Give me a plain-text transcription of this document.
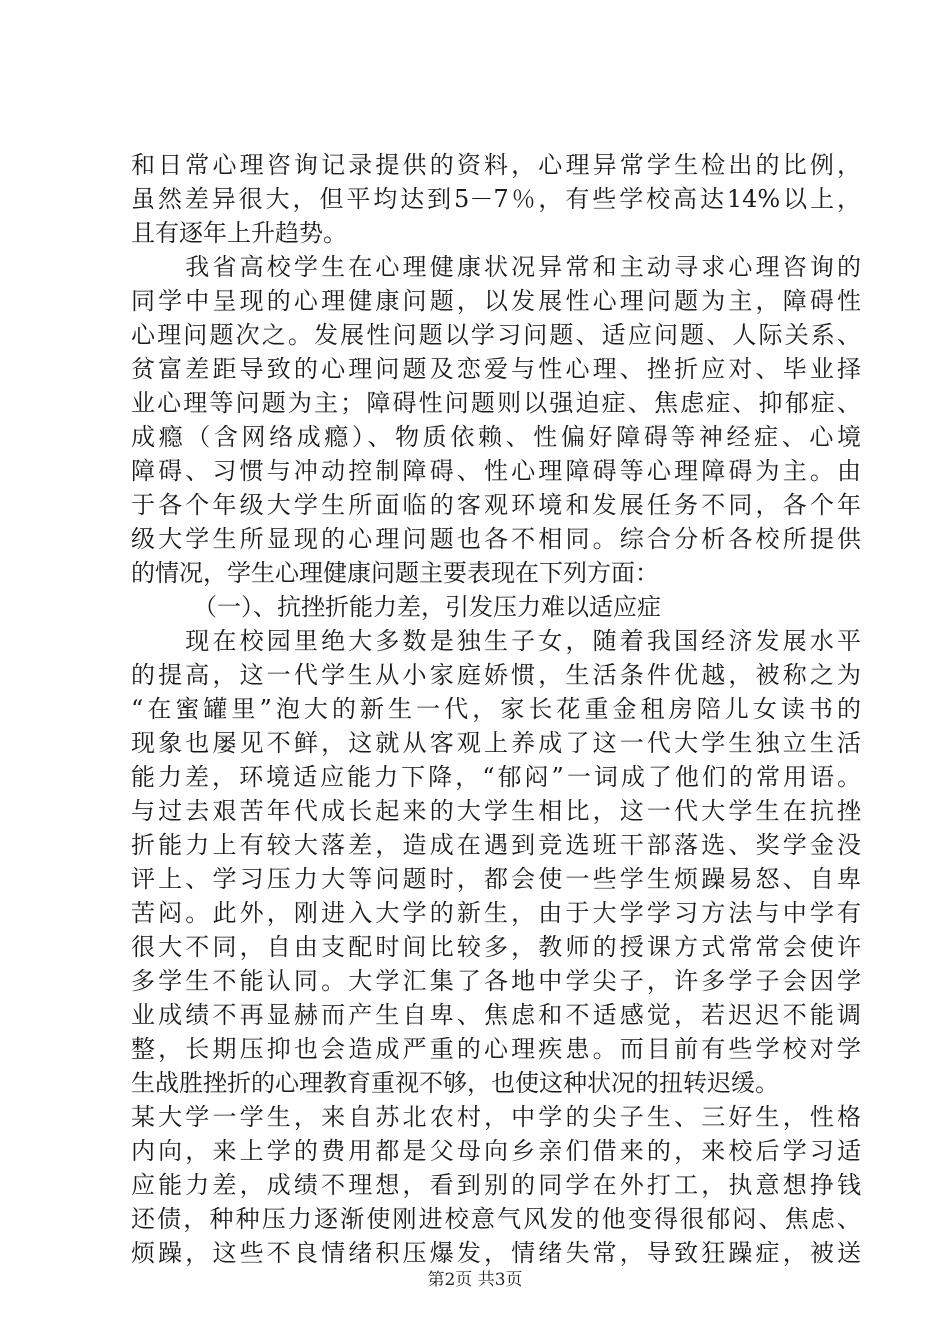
和日常心理咨询记录提供的资料，心理异常学生检出的比例，
虽然差异很大，但平均达到5－7％，有些学校高达14%以上，
且有逐年上升趋势。
　　我省高校学生在心理健康状况异常和主动寻求心理咨询的
同学中呈现的心理健康问题，以发展性心理问题为主，障碍性
心理问题次之。发展性问题以学习问题、适应问题、人际关系、
贫富差距导致的心理问题及恋爱与性心理、挫折应对、毕业择
业心理等问题为主；障碍性问题则以强迫症、焦虑症、抑郁症、
成瘾（含网络成瘾）、物质依赖、性偏好障碍等神经症、心境
障碍、习惯与冲动控制障碍、性心理障碍等心理障碍为主。由
于各个年级大学生所面临的客观环境和发展任务不同，各个年
级大学生所显现的心理问题也各不相同。综合分析各校所提供
的情况，学生心理健康问题主要表现在下列方面：
（一）、抗挫折能力差，引发压力难以适应症
　　现在校园里绝大多数是独生子女，随着我国经济发展水平
的提高，这一代学生从小家庭娇惯，生活条件优越，被称之为
“在蜜罐里”泡大的新生一代，家长花重金租房陪儿女读书的
现象也屡见不鲜，这就从客观上养成了这一代大学生独立生活
能力差，环境适应能力下降，“郁闷”一词成了他们的常用语。
与过去艰苦年代成长起来的大学生相比，这一代大学生在抗挫
折能力上有较大落差，造成在遇到竞选班干部落选、奖学金没
评上、学习压力大等问题时，都会使一些学生烦躁易怒、自卑
苦闷。此外，刚进入大学的新生，由于大学学习方法与中学有
很大不同，自由支配时间比较多，教师的授课方式常常会使许
多学生不能认同。大学汇集了各地中学尖子，许多学子会因学
业成绩不再显赫而产生自卑、焦虑和不适感觉，若迟迟不能调
整，长期压抑也会造成严重的心理疾患。而目前有些学校对学
生战胜挫折的心理教育重视不够，也使这种状况的扭转迟缓。
某大学一学生，来自苏北农村，中学的尖子生、三好生，性格
内向，来上学的费用都是父母向乡亲们借来的，来校后学习适
应能力差，成绩不理想，看到别的同学在外打工，执意想挣钱
还债，种种压力逐渐使刚进校意气风发的他变得很郁闷、焦虑、
烦躁，这些不良情绪积压爆发，情绪失常，导致狂躁症，被送
第2页 共3页
